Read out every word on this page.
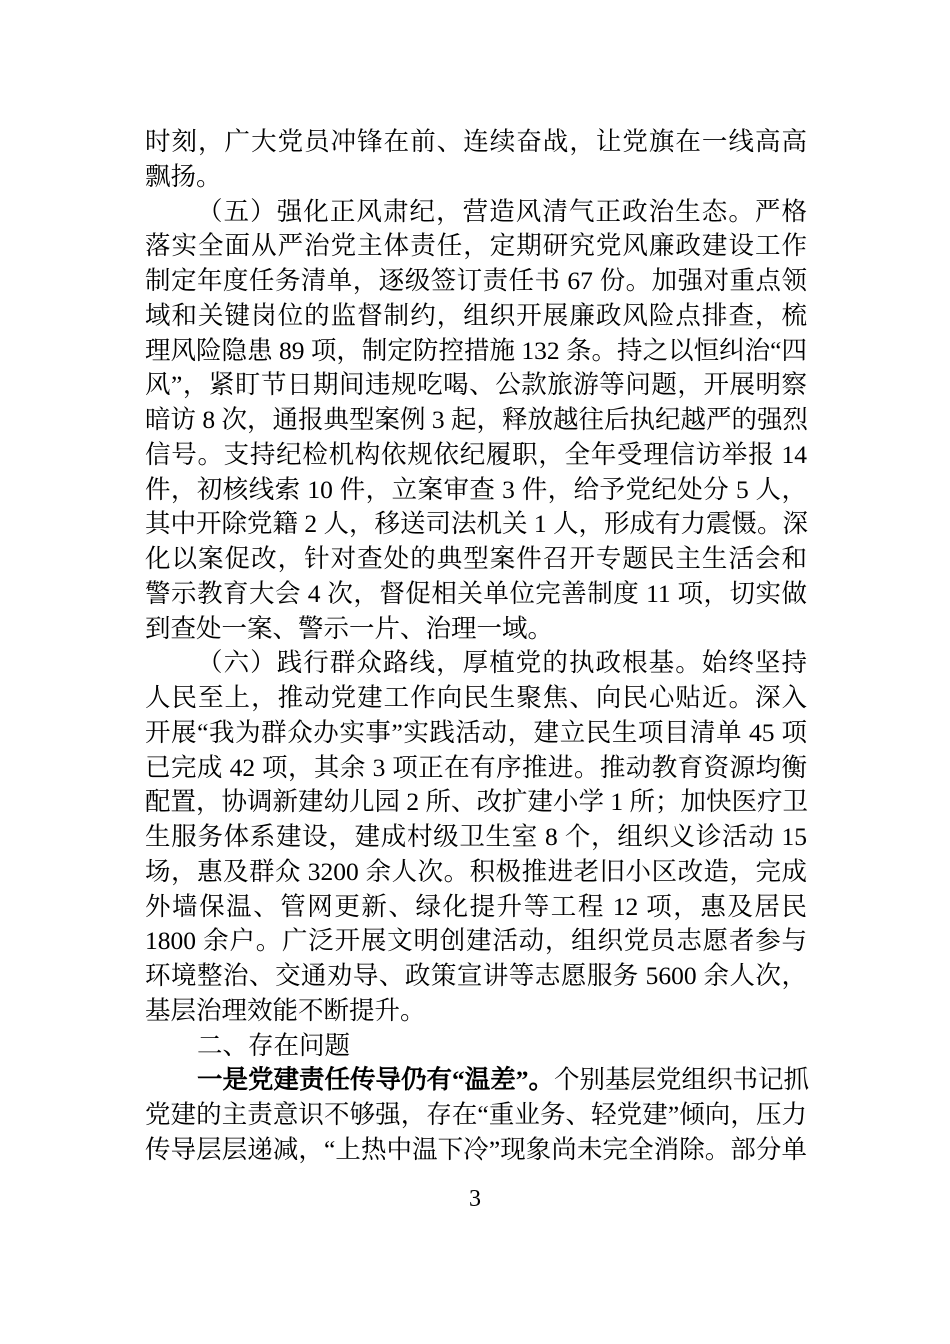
时刻，广大党员冲锋在前、连续奋战，让党旗在一线高高
飘扬。
（五）强化正风肃纪，营造风清气正政治生态。严格
落实全面从严治党主体责任，定期研究党风廉政建设工作
制定年度任务清单，逐级签订责任书 67 份。加强对重点领
域和关键岗位的监督制约，组织开展廉政风险点排查，梳
理风险隐患 89 项，制定防控措施 132 条。持之以恒纠治“四
风”，紧盯节日期间违规吃喝、公款旅游等问题，开展明察
暗访 8 次，通报典型案例 3 起，释放越往后执纪越严的强烈
信号。支持纪检机构依规依纪履职，全年受理信访举报 14
件，初核线索 10 件，立案审查 3 件，给予党纪处分 5 人，
其中开除党籍 2 人，移送司法机关 1 人，形成有力震慑。深
化以案促改，针对查处的典型案件召开专题民主生活会和
警示教育大会 4 次，督促相关单位完善制度 11 项，切实做
到查处一案、警示一片、治理一域。
（六）践行群众路线，厚植党的执政根基。始终坚持
人民至上，推动党建工作向民生聚焦、向民心贴近。深入
开展“我为群众办实事”实践活动，建立民生项目清单 45 项
已完成 42 项，其余 3 项正在有序推进。推动教育资源均衡
配置，协调新建幼儿园 2 所、改扩建小学 1 所；加快医疗卫
生服务体系建设，建成村级卫生室 8 个，组织义诊活动 15
场，惠及群众 3200 余人次。积极推进老旧小区改造，完成
外墙保温、管网更新、绿化提升等工程 12 项，惠及居民
1800 余户。广泛开展文明创建活动，组织党员志愿者参与
环境整治、交通劝导、政策宣讲等志愿服务 5600 余人次，
基层治理效能不断提升。
二、存在问题
一是党建责任传导仍有“温差”。个别基层党组织书记抓
党建的主责意识不够强，存在“重业务、轻党建”倾向，压力
传导层层递减，“上热中温下冷”现象尚未完全消除。部分单
3
